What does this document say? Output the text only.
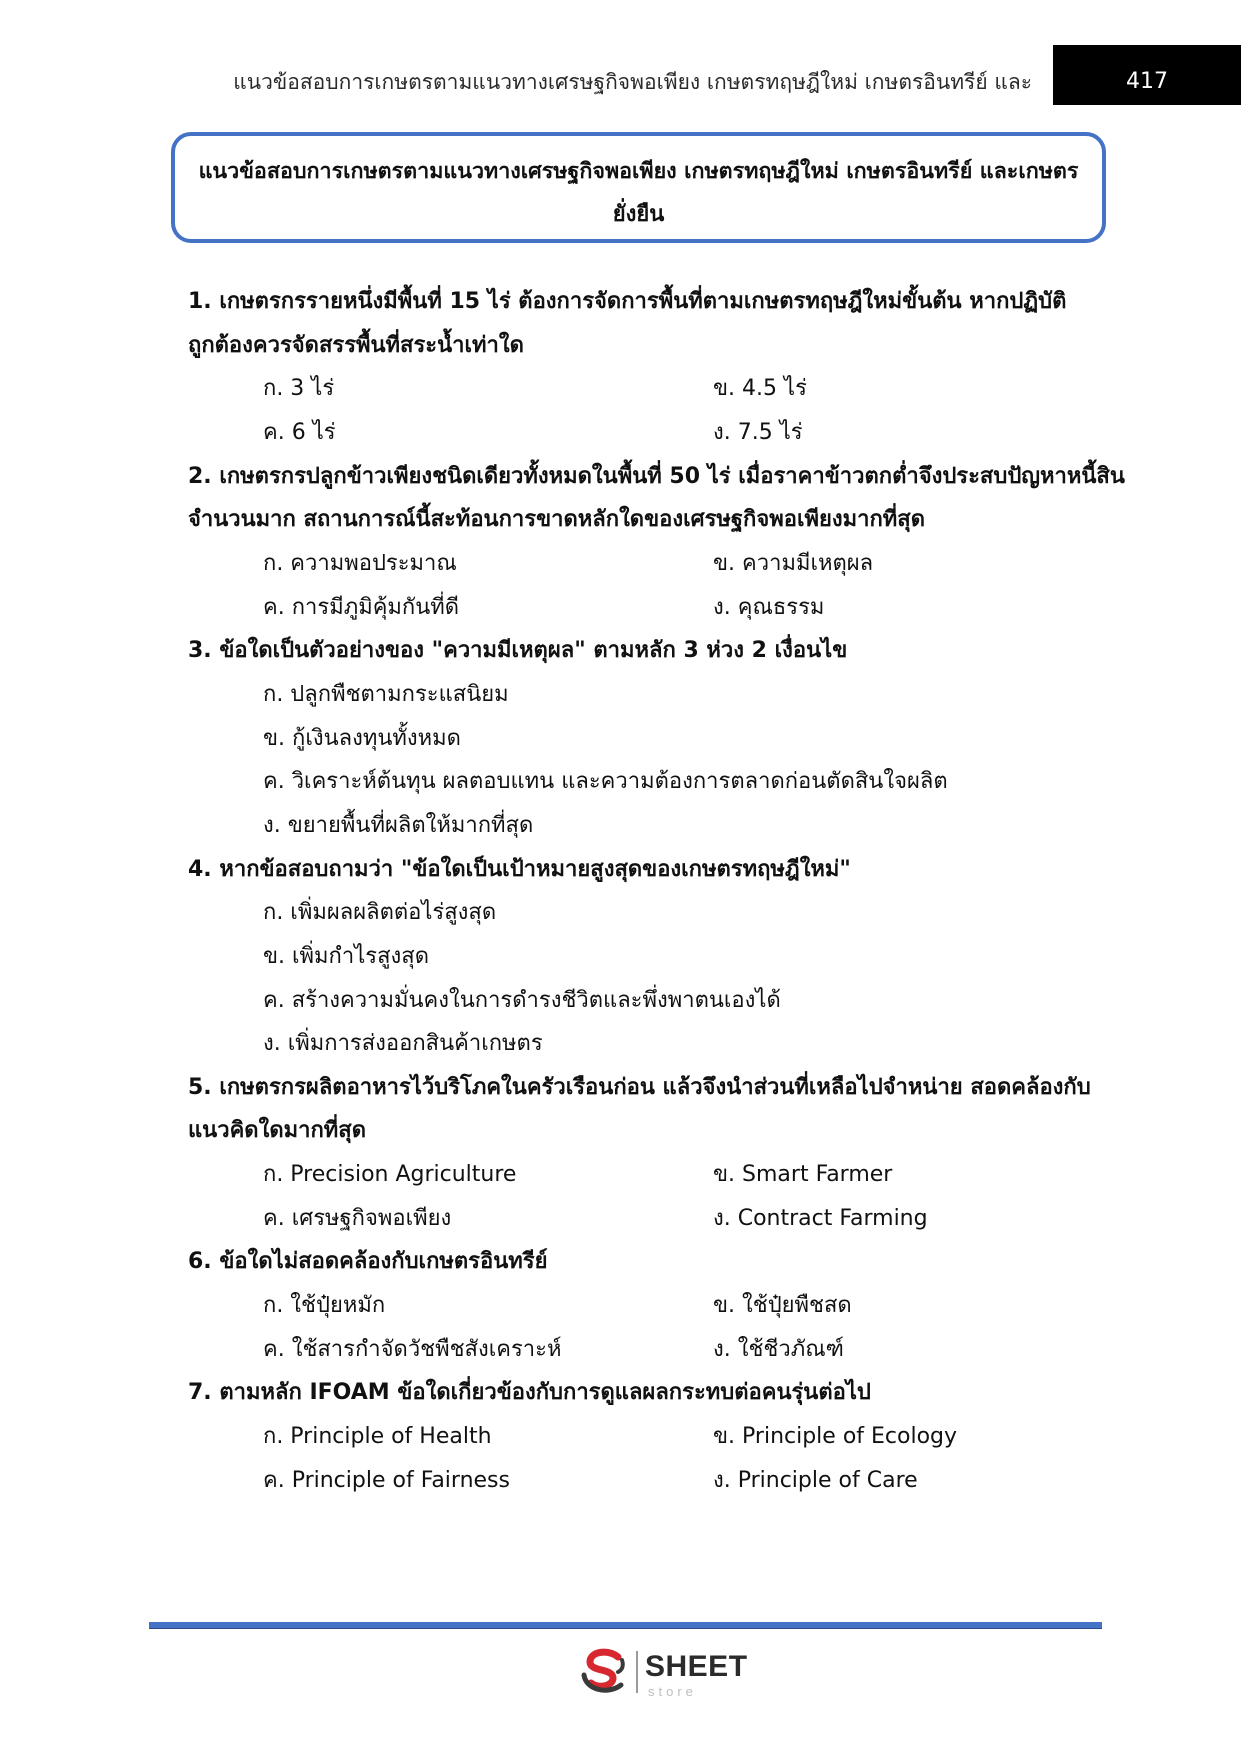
แนวข้อสอบการเกษตรตามแนวทางเศรษฐกิจพอเพียง เกษตรทฤษฎีใหม่ เกษตรอินทรีย์ และ	417
แนวข้อสอบการเกษตรตามแนวทางเศรษฐกิจพอเพียง เกษตรทฤษฎีใหม่ เกษตรอินทรีย์ และเกษตร
ยั่งยืน
1. เกษตรกรรายหนึ่งมีพื้นที่ 15 ไร่ ต้องการจัดการพื้นที่ตามเกษตรทฤษฎีใหม่ขั้นต้น หากปฏิบัติ
ถูกต้องควรจัดสรรพื้นที่สระน้ำเท่าใด
ก. 3 ไร่	ข. 4.5 ไร่
ค. 6 ไร่	ง. 7.5 ไร่
2. เกษตรกรปลูกข้าวเพียงชนิดเดียวทั้งหมดในพื้นที่ 50 ไร่ เมื่อราคาข้าวตกต่ำจึงประสบปัญหาหนี้สิน
จำนวนมาก สถานการณ์นี้สะท้อนการขาดหลักใดของเศรษฐกิจพอเพียงมากที่สุด
ก. ความพอประมาณ	ข. ความมีเหตุผล
ค. การมีภูมิคุ้มกันที่ดี	ง. คุณธรรม
3. ข้อใดเป็นตัวอย่างของ "ความมีเหตุผล" ตามหลัก 3 ห่วง 2 เงื่อนไข
ก. ปลูกพืชตามกระแสนิยม
ข. กู้เงินลงทุนทั้งหมด
ค. วิเคราะห์ต้นทุน ผลตอบแทน และความต้องการตลาดก่อนตัดสินใจผลิต
ง. ขยายพื้นที่ผลิตให้มากที่สุด
4. หากข้อสอบถามว่า "ข้อใดเป็นเป้าหมายสูงสุดของเกษตรทฤษฎีใหม่"
ก. เพิ่มผลผลิตต่อไร่สูงสุด
ข. เพิ่มกำไรสูงสุด
ค. สร้างความมั่นคงในการดำรงชีวิตและพึ่งพาตนเองได้
ง. เพิ่มการส่งออกสินค้าเกษตร
5. เกษตรกรผลิตอาหารไว้บริโภคในครัวเรือนก่อน แล้วจึงนำส่วนที่เหลือไปจำหน่าย สอดคล้องกับ
แนวคิดใดมากที่สุด
ก. Precision Agriculture	ข. Smart Farmer
ค. เศรษฐกิจพอเพียง	ง. Contract Farming
6. ข้อใดไม่สอดคล้องกับเกษตรอินทรีย์
ก. ใช้ปุ๋ยหมัก	ข. ใช้ปุ๋ยพืชสด
ค. ใช้สารกำจัดวัชพืชสังเคราะห์	ง. ใช้ชีวภัณฑ์
7. ตามหลัก IFOAM ข้อใดเกี่ยวข้องกับการดูแลผลกระทบต่อคนรุ่นต่อไป
ก. Principle of Health	ข. Principle of Ecology
ค. Principle of Fairness	ง. Principle of Care
SHEET
store
